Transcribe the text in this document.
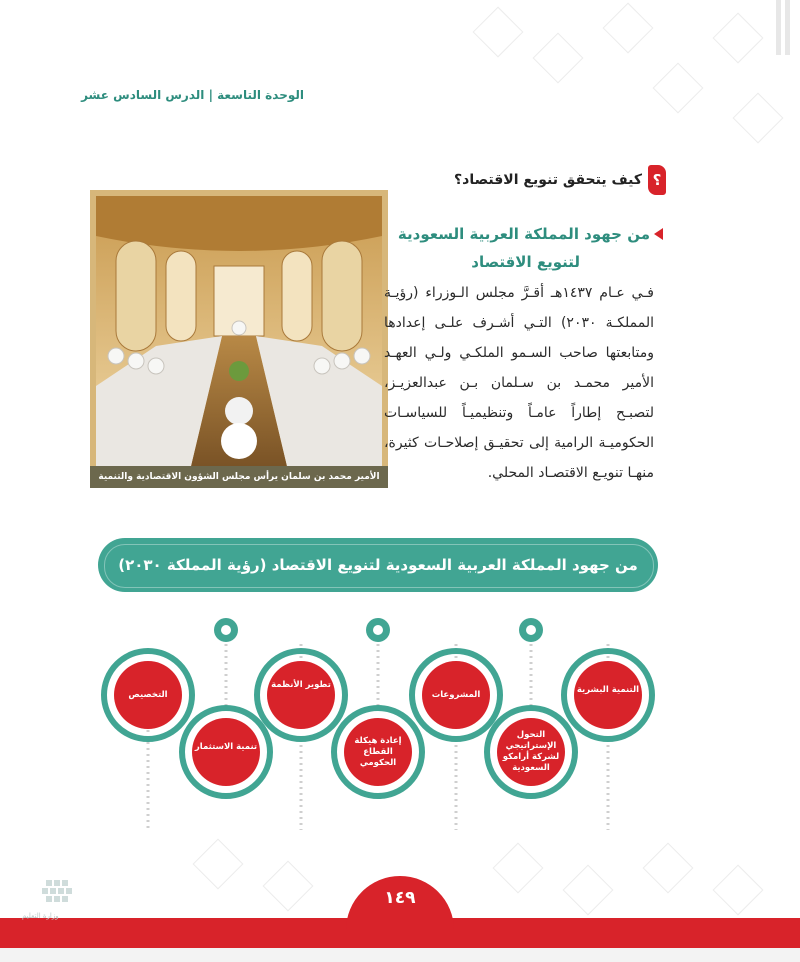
الوحدة التاسعة | الدرس السادس عشر
؟
كيف يتحقق تنويع الاقتصاد؟
الأمير محمد بن سلمان يرأس مجلس الشؤون الاقتصادية والتنمية
من جهود المملكة العربية السعودية
لتنويع الاقتصاد
فـي عـام ١٤٣٧هـ أقـرَّ مجلس الـوزراء (رؤيـة المملكـة ٢٠٣٠) التـي أشـرف علـى إعدادها ومتابعتها صاحب السـمو الملكـي ولـي العهـد الأمير محمـد بن سـلمان بـن عبدالعزيـز، لتصبـح إطاراً عامـاً وتنظيميـاً للسياسـات الحكوميـة الرامية إلى تحقيـق إصلاحـات كثيرة، منهـا تنويـع الاقتصـاد المحلي.
من جهود المملكة العربية السعودية لتنويع الاقتصاد (رؤية المملكة ٢٠٣٠)
التنمية البشرية
التحول الإستراتيجي لشركة أرامكو السعودية
المشروعات
إعادة هيكلة القطاع الحكومي
تطوير الأنظمة
تنمية الاستثمار
التخصيص
١٤٩
وزارة التعليم
